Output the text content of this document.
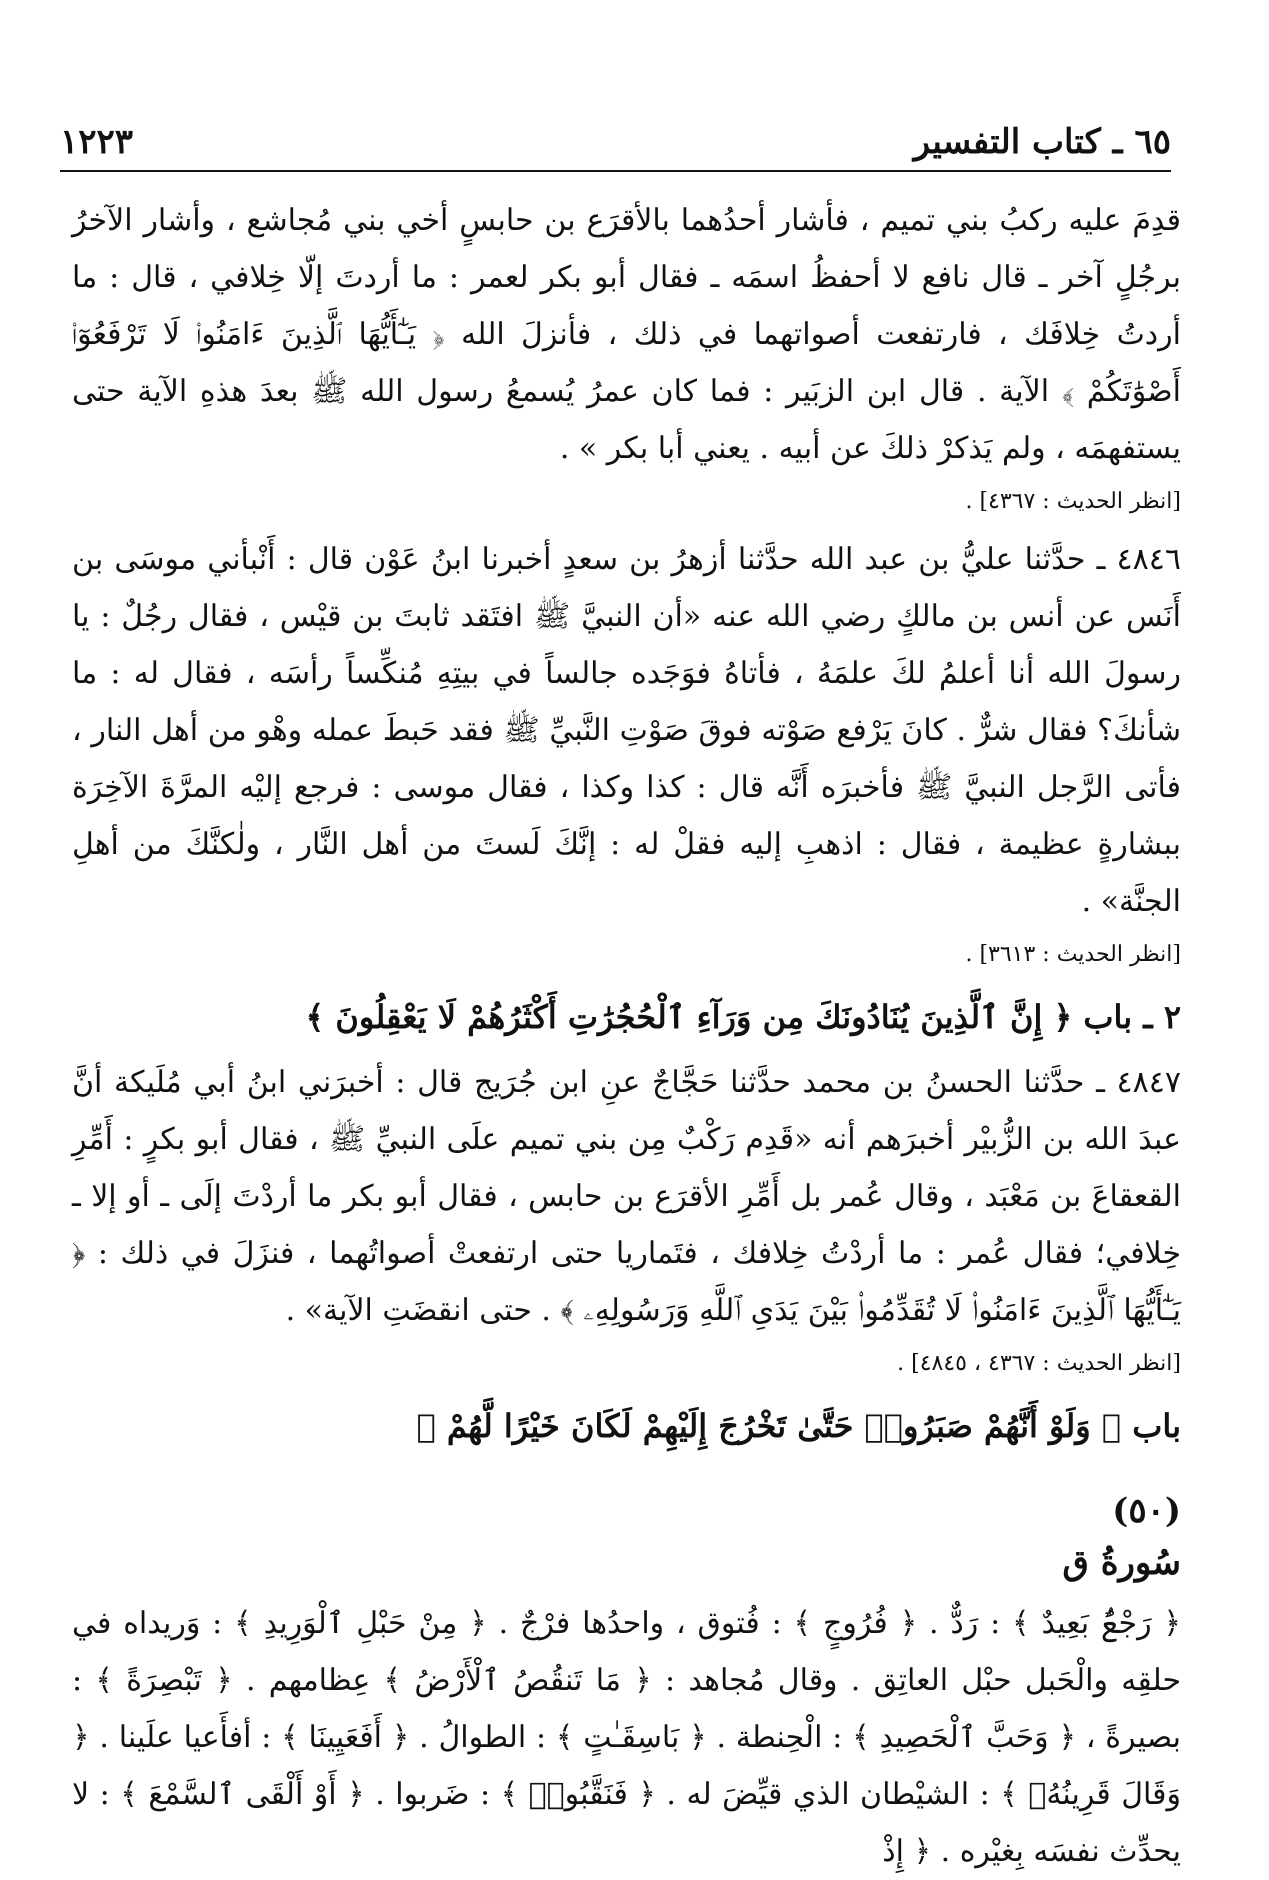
٦٥ ـ كتاب التفسير
١٢٢٣

قدِمَ عليه ركبُ بني تميم ، فأشار أحدُهما بالأقرَع بن حابسٍ أخي بني مُجاشع ، وأشار الآخرُ برجُلٍ آخر ـ قال نافع لا أحفظُ اسمَه ـ فقال أبو بكر لعمر : ما أردتَ إلّا خِلافي ، قال : ما أردتُ خِلافَك ، فارتفعت أصواتهما في ذلك ، فأنزلَ الله ﴿ يَـٰٓأَيُّهَا ٱلَّذِينَ ءَامَنُوا۟ لَا تَرْفَعُوٓا۟ أَصْوَٰتَكُمْ ﴾ الآية . قال ابن الزبَير : فما كان عمرُ يُسمعُ رسول الله ﷺ بعدَ هذهِ الآية حتى يستفهمَه ، ولم يَذكرْ ذلكَ عن أبيه . يعني أبا بكر » .

[انظر الحديث : ٤٣٦٧] .

٤٨٤٦ ـ حدَّثنا عليُّ بن عبد الله حدَّثنا أزهرُ بن سعدٍ أخبرنا ابنُ عَوْن قال : أَنْبأني موسَى بن أَنَس عن أنس بن مالكٍ رضي الله عنه «أن النبيَّ ﷺ افتَقد ثابتَ بن قيْس ، فقال رجُلٌ : يا رسولَ الله أنا أعلمُ لكَ علمَهُ ، فأتاهُ فوَجَده جالساً في بيتِهِ مُنكِّساً رأسَه ، فقال له : ما شأنكَ؟ فقال شرٌّ . كانَ يَرْفع صَوْته فوقَ صَوْتِ النَّبيِّ ﷺ فقد حَبطَ عمله وهْو من أهل النار ، فأتى الرَّجل النبيَّ ﷺ فأخبرَه أَنَّه قال : كذا وكذا ، فقال موسى : فرجع إليْه المرَّةَ الآخِرَة ببشارةٍ عظيمة ، فقال : اذهبِ إليه فقلْ له : إنَّكَ لَستَ من أهل النَّار ، ولٰكنَّكَ من أهلِ الجنَّة» .

[انظر الحديث : ٣٦١٣] .
٢ ـ باب ﴿ إِنَّ ٱلَّذِينَ يُنَادُونَكَ مِن وَرَآءِ ٱلْحُجُرَٰتِ أَكْثَرُهُمْ لَا يَعْقِلُونَ ﴾

٤٨٤٧ ـ حدَّثنا الحسنُ بن محمد حدَّثنا حَجَّاجٌ عنِ ابن جُرَيج قال : أخبرَني ابنُ أبي مُلَيكة أنَّ عبدَ الله بن الزُّبيْر أخبرَهم أنه «قَدِم رَكْبٌ مِن بني تميم علَى النبيِّ ﷺ ، فقال أبو بكرٍ : أَمِّرِ القعقاعَ بن مَعْبَد ، وقال عُمر بل أَمِّرِ الأقرَع بن حابس ، فقال أبو بكر ما أردْتَ إلَى ـ أو إلا ـ خِلافي؛ فقال عُمر : ما أردْتُ خِلافك ، فتَماريا حتى ارتفعتْ أصواتُهما ، فنزَلَ في ذلك : ﴿ يَـٰٓأَيُّهَا ٱلَّذِينَ ءَامَنُوا۟ لَا تُقَدِّمُوا۟ بَيْنَ يَدَىِ ٱللَّهِ وَرَسُولِهِۦ ﴾ . حتى انقضَتِ الآية» .

[انظر الحديث : ٤٣٦٧ ، ٤٨٤٥] .
باب ﴿ وَلَوْ أَنَّهُمْ صَبَرُوا۟ حَتَّىٰ تَخْرُجَ إِلَيْهِمْ لَكَانَ خَيْرًا لَّهُمْ ﴾
(٥٠)
سُورةُ ق

﴿ رَجْعٌۢ بَعِيدٌ ﴾ : رَدٌّ . ﴿ فُرُوجٍ ﴾ : فُتوق ، واحدُها فرْجٌ . ﴿ مِنْ حَبْلِ ٱلْوَرِيدِ ﴾ : وَريداه في حلقِه والْحَبل حبْل العاتِق . وقال مُجاهد : ﴿ مَا تَنقُصُ ٱلْأَرْضُ ﴾ عِظامهم . ﴿ تَبْصِرَةً ﴾ : بصيرةً ، ﴿ وَحَبَّ ٱلْحَصِيدِ ﴾ : الْحِنطة . ﴿ بَاسِقَـٰتٍ ﴾ : الطوالُ . ﴿ أَفَعَيِينَا ﴾ : أفأَعيا علَينا . ﴿ وَقَالَ قَرِينُهُۥ ﴾ : الشيْطان الذي قيِّضَ له . ﴿ فَنَقَّبُوا۟ ﴾ : ضَربوا . ﴿ أَوْ أَلْقَى ٱلسَّمْعَ ﴾ : لا يحدِّث نفسَه بِغيْره . ﴿ إِذْ
